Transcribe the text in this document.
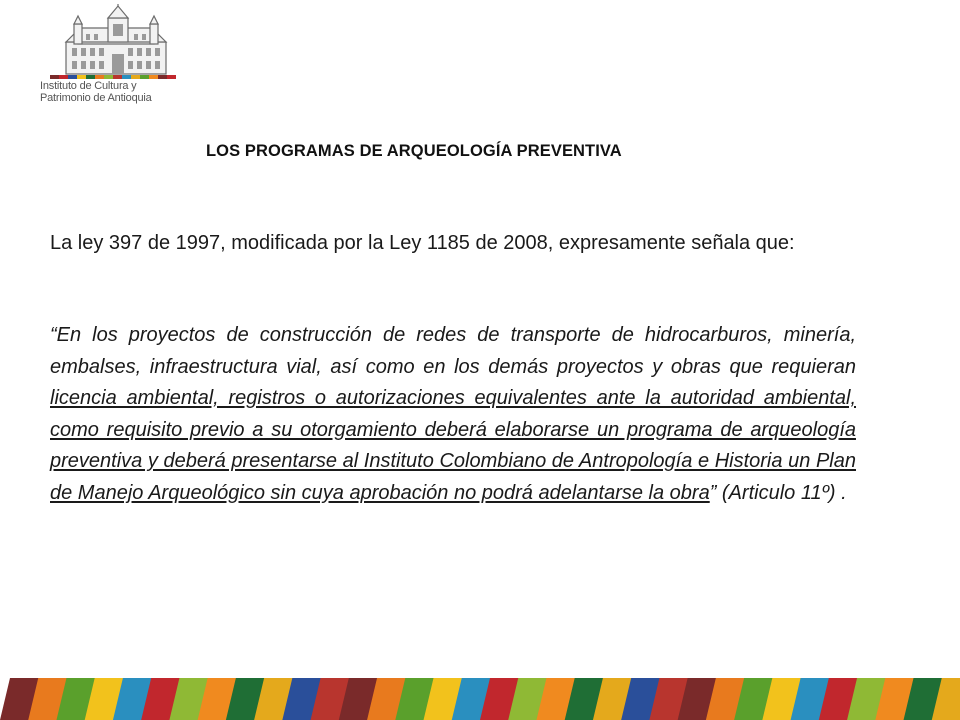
Instituto de Cultura y
Patrimonio de Antioquia
LOS PROGRAMAS DE ARQUEOLOGÍA PREVENTIVA

La ley 397 de 1997, modificada por la Ley 1185 de 2008, expresamente señala que:

“En los proyectos de construcción de redes de transporte de hidrocarburos, minería, embalses, infraestructura vial, así como en los demás proyectos y obras que requieran licencia ambiental, registros o autorizaciones equivalentes ante la autoridad ambiental, como requisito previo a su otorgamiento deberá elaborarse un programa de arqueología preventiva y deberá presentarse al Instituto Colombiano de Antropología e Historia un Plan de Manejo Arqueológico sin cuya aprobación no podrá adelantarse la obra” (Articulo 11º) .
